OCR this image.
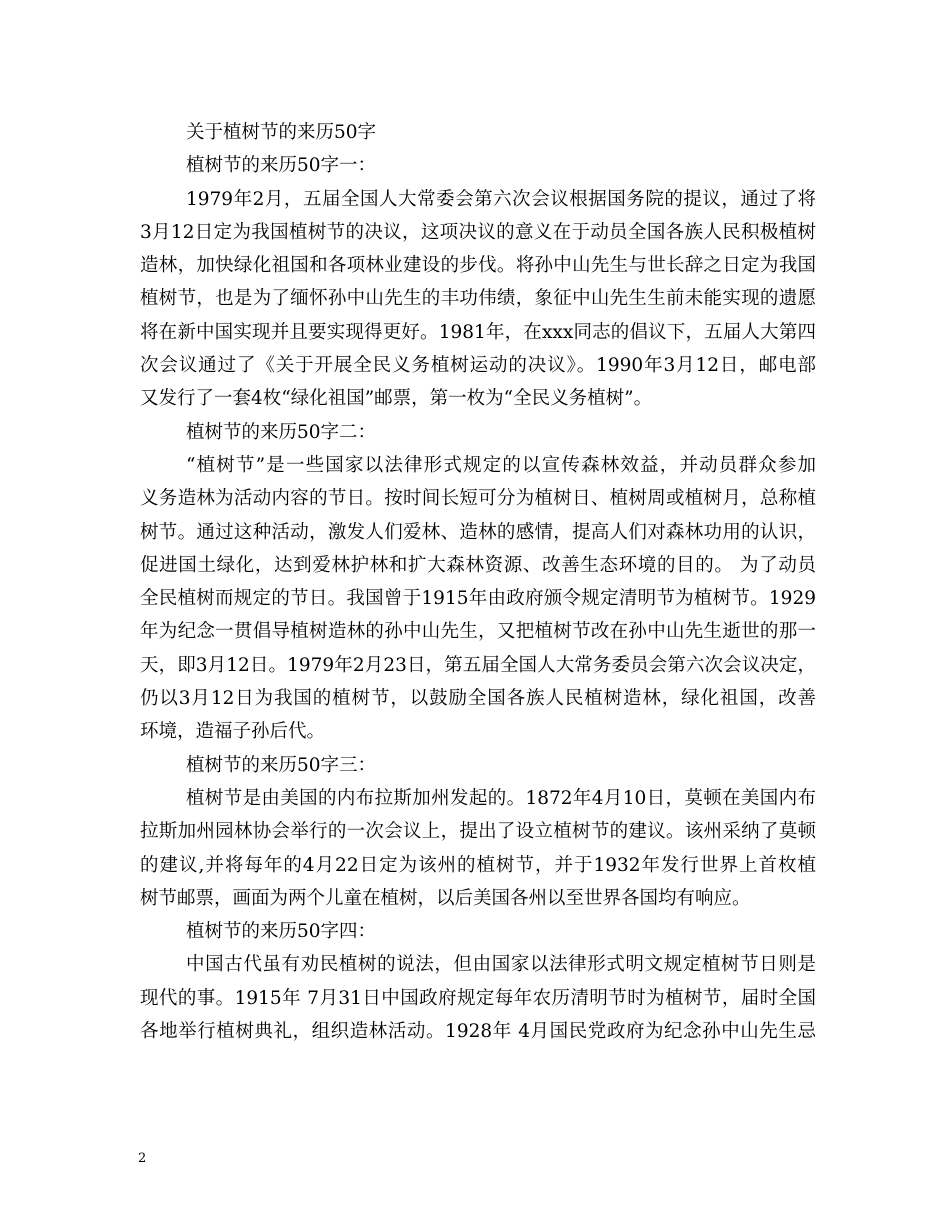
关于植树节的来历50字
植树节的来历50字一：
1979年2月，五届全国人大常委会第六次会议根据国务院的提议，通过了将
3月12日定为我国植树节的决议，这项决议的意义在于动员全国各族人民积极植树
造林，加快绿化祖国和各项林业建设的步伐。将孙中山先生与世长辞之日定为我国
植树节，也是为了缅怀孙中山先生的丰功伟绩，象征中山先生生前未能实现的遗愿
将在新中国实现并且要实现得更好。1981年，在xxx同志的倡议下，五届人大第四
次会议通过了《关于开展全民义务植树运动的决议》。1990年3月12日，邮电部
又发行了一套4枚“绿化祖国”邮票，第一枚为“全民义务植树”。
植树节的来历50字二：
“植树节”是一些国家以法律形式规定的以宣传森林效益，并动员群众参加
义务造林为活动内容的节日。按时间长短可分为植树日、植树周或植树月，总称植
树节。通过这种活动，激发人们爱林、造林的感情，提高人们对森林功用的认识，
促进国土绿化，达到爱林护林和扩大森林资源、改善生态环境的目的。 为了动员
全民植树而规定的节日。我国曾于1915年由政府颁令规定清明节为植树节。1929
年为纪念一贯倡导植树造林的孙中山先生，又把植树节改在孙中山先生逝世的那一
天，即3月12日。1979年2月23日，第五届全国人大常务委员会第六次会议决定，
仍以3月12日为我国的植树节，以鼓励全国各族人民植树造林，绿化祖国，改善
环境，造福子孙后代。
植树节的来历50字三：
植树节是由美国的内布拉斯加州发起的。1872年4月10日，莫顿在美国内布
拉斯加州园林协会举行的一次会议上，提出了设立植树节的建议。该州采纳了莫顿
的建议,并将每年的4月22日定为该州的植树节，并于1932年发行世界上首枚植
树节邮票，画面为两个儿童在植树，以后美国各州以至世界各国均有响应。
植树节的来历50字四：
中国古代虽有劝民植树的说法，但由国家以法律形式明文规定植树节日则是
现代的事。1915年 7月31日中国政府规定每年农历清明节时为植树节，届时全国
各地举行植树典礼，组织造林活动。1928年 4月国民党政府为纪念孙中山先生忌
2
